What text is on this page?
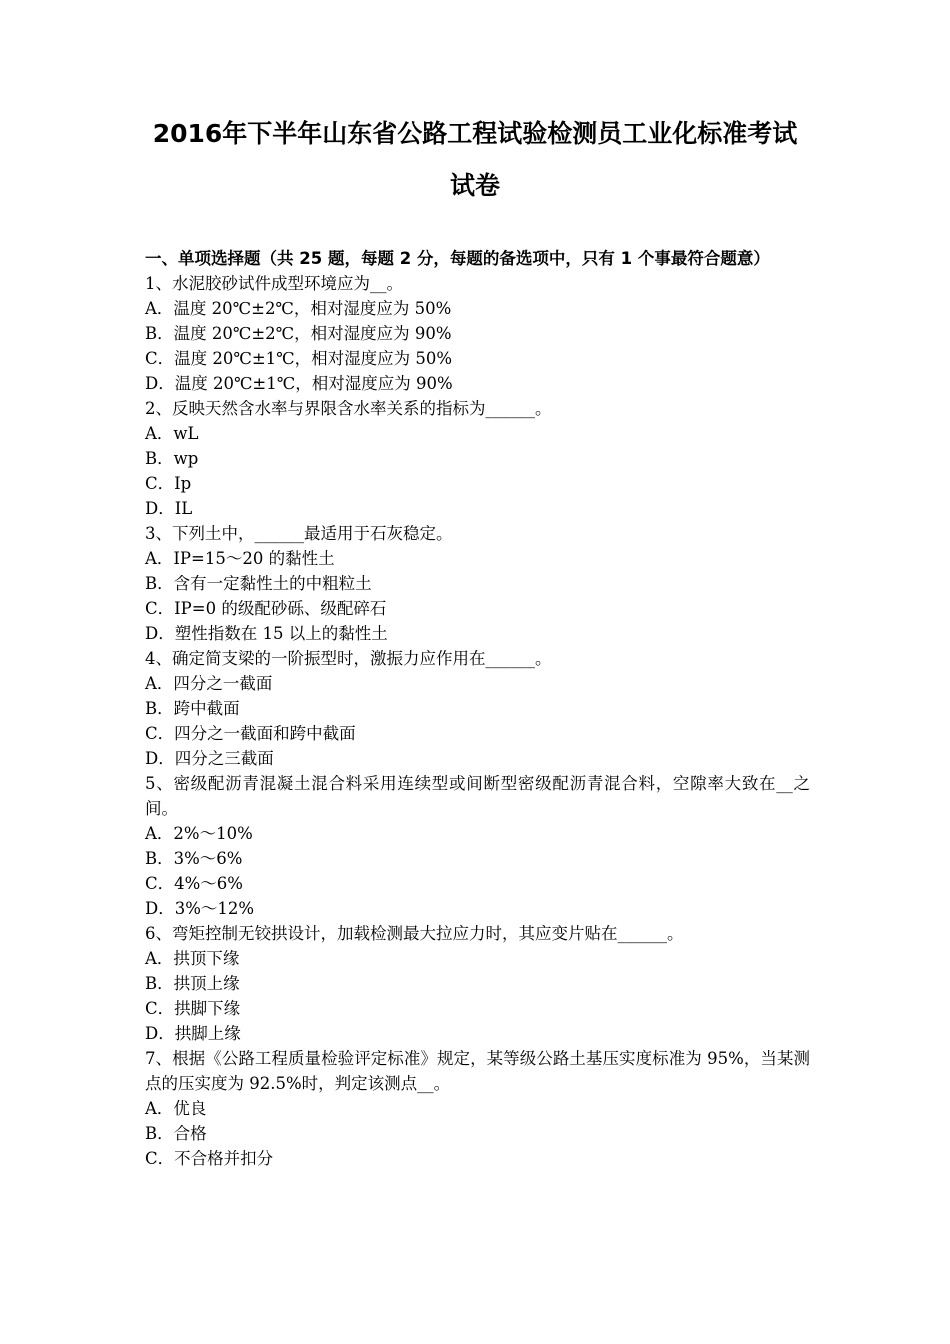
2016年下半年山东省公路工程试验检测员工业化标准考试
试卷
一、单项选择题（共 25 题，每题 2 分，每题的备选项中，只有 1 个事最符合题意）
1、水泥胶砂试件成型环境应为__。
A．温度 20℃±2℃，相对湿度应为 50%
B．温度 20℃±2℃，相对湿度应为 90%
C．温度 20℃±1℃，相对湿度应为 50%
D．温度 20℃±1℃，相对湿度应为 90%
2、反映天然含水率与界限含水率关系的指标为______。
A．wL
B．wp
C．Ip
D．IL
3、下列土中，______最适用于石灰稳定。
A．IP=15～20 的黏性土
B．含有一定黏性土的中粗粒土
C．IP=0 的级配砂砾、级配碎石
D．塑性指数在 15 以上的黏性土
4、确定简支梁的一阶振型时，激振力应作用在______。
A．四分之一截面
B．跨中截面
C．四分之一截面和跨中截面
D．四分之三截面
5、密级配沥青混凝土混合料采用连续型或间断型密级配沥青混合料，空隙率大致在__之间。
A．2%～10%
B．3%～6%
C．4%～6%
D．3%～12%
6、弯矩控制无铰拱设计，加载检测最大拉应力时，其应变片贴在______。
A．拱顶下缘
B．拱顶上缘
C．拱脚下缘
D．拱脚上缘
7、根据《公路工程质量检验评定标准》规定，某等级公路土基压实度标准为 95%，当某测点的压实度为 92.5%时，判定该测点__。
A．优良
B．合格
C．不合格并扣分
